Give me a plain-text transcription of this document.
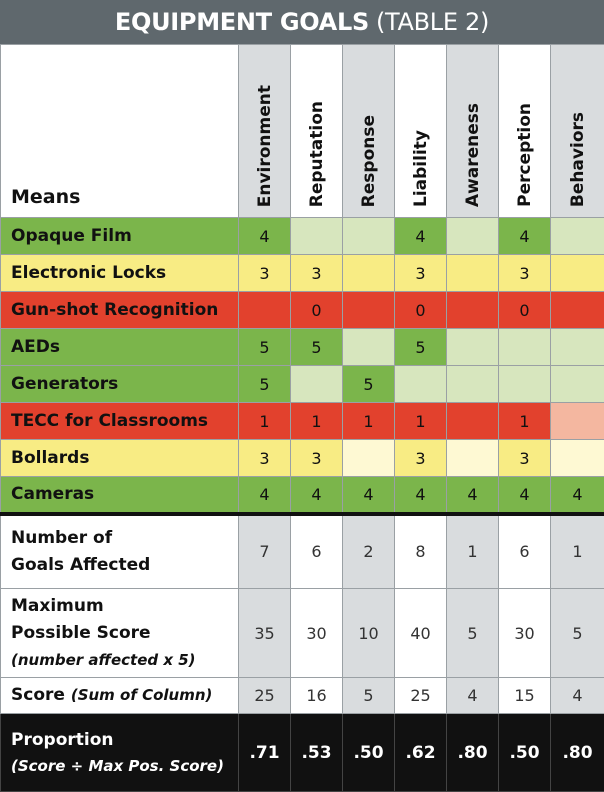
EQUIPMENT GOALS (TABLE 2)
Means	Environment	Reputation	Response	Liability	Awareness	Perception	Behaviors

Opaque Film	4			4		4	
Electronic Locks	3	3		3		3	
Gun-shot Recognition		0		0		0	
AEDs	5	5		5			
Generators	5		5				
TECC for Classrooms	1	1	1	1		1	
Bollards	3	3		3		3	
Cameras	4	4	4	4	4	4	4
Number of
Goals Affected	7	6	2	8	1	6	1
Maximum
Possible Score
(number affected x 5)	35	30	10	40	5	30	5
Score (Sum of Column)	25	16	5	25	4	15	4
Proportion
(Score ÷ Max Pos. Score)	.71	.53	.50	.62	.80	.50	.80
